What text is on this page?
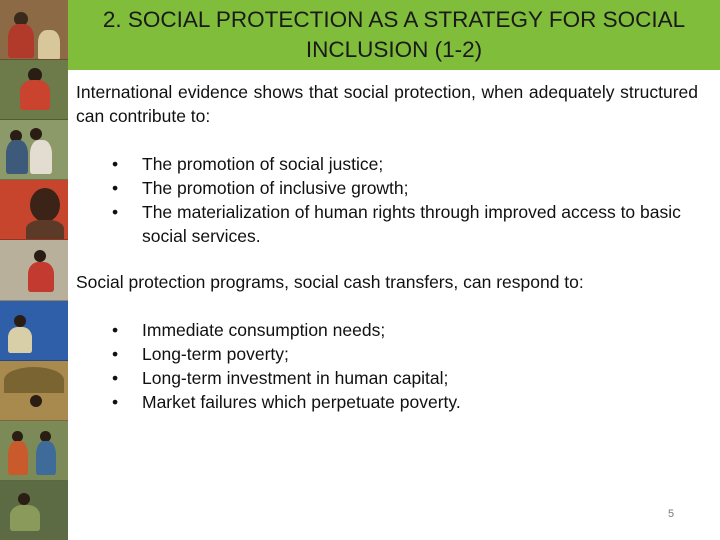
2. SOCIAL PROTECTION AS A STRATEGY FOR SOCIAL
INCLUSION (1-2)

International evidence shows that social protection, when adequately structured can contribute to:

•	The promotion of social justice;
•	The promotion of inclusive growth;
•	The materialization of human rights through improved access to basic social services.

Social protection programs, social cash transfers, can respond to:

•	Immediate consumption needs;
•	Long-term poverty;
•	Long-term investment in human capital;
•	Market failures which perpetuate poverty.
5
